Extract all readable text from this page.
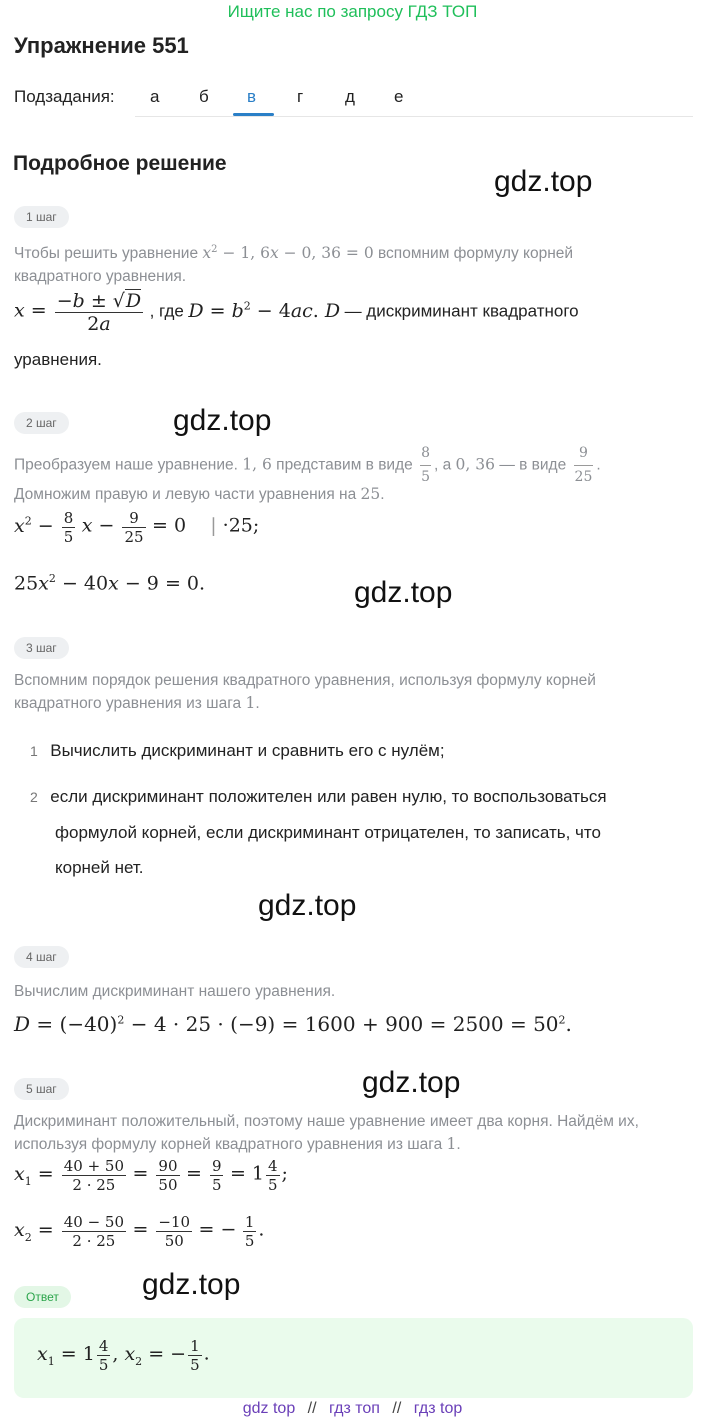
Ищите нас по запросу ГДЗ ТОП
Упражнение 551
Подзадания: а б в г д е
Подробное решение
gdz.top
gdz.top
gdz.top
gdz.top
gdz.top
gdz.top
1 шаг
Чтобы решить уравнение $x^2 - 1$, 6x − 0, 36 = 0 вспомним формулу корней
квадратного уравнения.
$x = \frac{-b \pm √D}{2a}$ , где $D = b^2 - 4ac$. D — дискриминант квадратного
уравнения.
2 шаг
Преобразуем наше уравнение. 1, 6 представим в виде $\frac{8}{5}$ , а 0, 36 — в виде $\frac{9}{25}$ .
Домножим правую и левую части уравнения на 25.
$x^2 - \frac{8}{5}$ $x - \frac{9}{25} = 0$    | ·25;
$25x^2 - 40x - 9 = 0$.
3 шаг
Вспомним порядок решения квадратного уравнения, используя формулу корней
квадратного уравнения из шага 1.
1 Вычислить дискриминант и сравнить его с нулём;
2 если дискриминант положителен или равен нулю, то воспользоваться
формулой корней, если дискриминант отрицателен, то записать, что
корней нет.
4 шаг
Вычислим дискриминант нашего уравнения.
$D = (-40)^2 - 4 \cdot 25 \cdot (-9) = 1600 + 900 = 2500 = 50^2$.
5 шаг
Дискриминант положительный, поэтому наше уравнение имеет два корня. Найдём их,
используя формулу корней квадратного уравнения из шага 1.
$x_1 = \frac{40 + 50}{2 \cdot 25} = \frac{90}{50} = \frac{9}{5} = 1 \frac{4}{5}$ ;
$x_2 = \frac{40 - 50}{2 \cdot 25} = \frac{-10}{50}$ = − $\frac{1}{5}$ .
Ответ
$x_1 = 1 \frac{4}{5}$ , $x_2$ = − $\frac{1}{5}$ .
gdz top // гдз топ // гдз top
